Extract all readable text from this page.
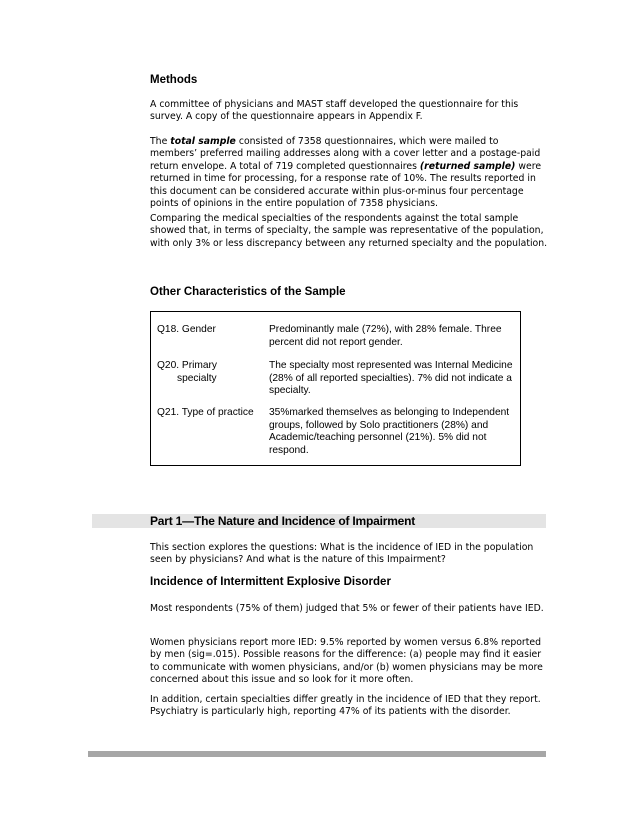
Methods
A committee of physicians and MAST staff developed the questionnaire for this survey. A copy of the questionnaire appears in Appendix F.
The total sample consisted of 7358 questionnaires, which were mailed to members’ preferred mailing addresses along with a cover letter and a postage-paid return envelope. A total of 719 completed questionnaires (returned sample) were returned in time for processing, for a response rate of 10%. The results reported in this document can be considered accurate within plus-or-minus four percentage points of opinions in the entire population of 7358 physicians.
Comparing the medical specialties of the respondents against the total sample showed that, in terms of specialty, the sample was representative of the population, with only 3% or less discrepancy between any returned specialty and the population.
Other Characteristics of the Sample
Q18. Gender	Predominantly male (72%), with 28% female. Three percent did not report gender.
Q20. Primary
specialty
The specialty most represented was Internal Medicine (28% of all reported specialties). 7% did not indicate a specialty.
Q21. Type of practice	35%marked themselves as belonging to Independent groups, followed by Solo practitioners (28%) and Academic/teaching personnel (21%). 5% did not respond.
Part 1—The Nature and Incidence of Impairment
This section explores the questions: What is the incidence of IED in the population seen by physicians? And what is the nature of this Impairment?
Incidence of Intermittent Explosive Disorder
Most respondents (75% of them) judged that 5% or fewer of their patients have IED.
Women physicians report more IED: 9.5% reported by women versus 6.8% reported by men (sig=.015). Possible reasons for the difference: (a) people may find it easier to communicate with women physicians, and/or (b) women physicians may be more concerned about this issue and so look for it more often.
In addition, certain specialties differ greatly in the incidence of IED that they report. Psychiatry is particularly high, reporting 47% of its patients with the disorder.
